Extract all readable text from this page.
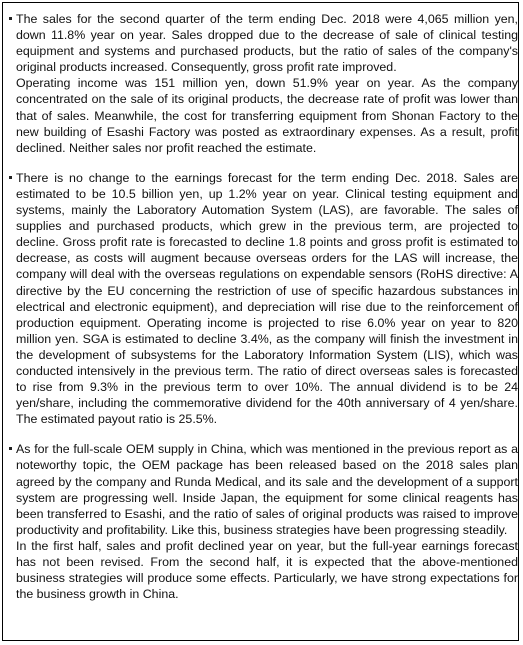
The sales for the second quarter of the term ending Dec. 2018 were 4,065 million yen, down 11.8% year on year. Sales dropped due to the decrease of sale of clinical testing equipment and systems and purchased products, but the ratio of sales of the company's original products increased. Consequently, gross profit rate improved.

Operating income was 151 million yen, down 51.9% year on year. As the company concentrated on the sale of its original products, the decrease rate of profit was lower than that of sales. Meanwhile, the cost for transferring equipment from Shonan Factory to the new building of Esashi Factory was posted as extraordinary expenses. As a result, profit declined. Neither sales nor profit reached the estimate.

There is no change to the earnings forecast for the term ending Dec. 2018. Sales are estimated to be 10.5 billion yen, up 1.2% year on year. Clinical testing equipment and systems, mainly the Laboratory Automation System (LAS), are favorable. The sales of supplies and purchased products, which grew in the previous term, are projected to decline. Gross profit rate is forecasted to decline 1.8 points and gross profit is estimated to decrease, as costs will augment because overseas orders for the LAS will increase, the company will deal with the overseas regulations on expendable sensors (RoHS directive: A directive by the EU concerning the restriction of use of specific hazardous substances in electrical and electronic equipment), and depreciation will rise due to the reinforcement of production equipment. Operating income is projected to rise 6.0% year on year to 820 million yen. SGA is estimated to decline 3.4%, as the company will finish the investment in the development of subsystems for the Laboratory Information System (LIS), which was conducted intensively in the previous term. The ratio of direct overseas sales is forecasted to rise from 9.3% in the previous term to over 10%. The annual dividend is to be 24 yen/share, including the commemorative dividend for the 40th anniversary of 4 yen/share. The estimated payout ratio is 25.5%.

As for the full-scale OEM supply in China, which was mentioned in the previous report as a noteworthy topic, the OEM package has been released based on the 2018 sales plan agreed by the company and Runda Medical, and its sale and the development of a support system are progressing well. Inside Japan, the equipment for some clinical reagents has been transferred to Esashi, and the ratio of sales of original products was raised to improve productivity and profitability. Like this, business strategies have been progressing steadily.

In the first half, sales and profit declined year on year, but the full-year earnings forecast has not been revised. From the second half, it is expected that the above-mentioned business strategies will produce some effects. Particularly, we have strong expectations for the business growth in China.
